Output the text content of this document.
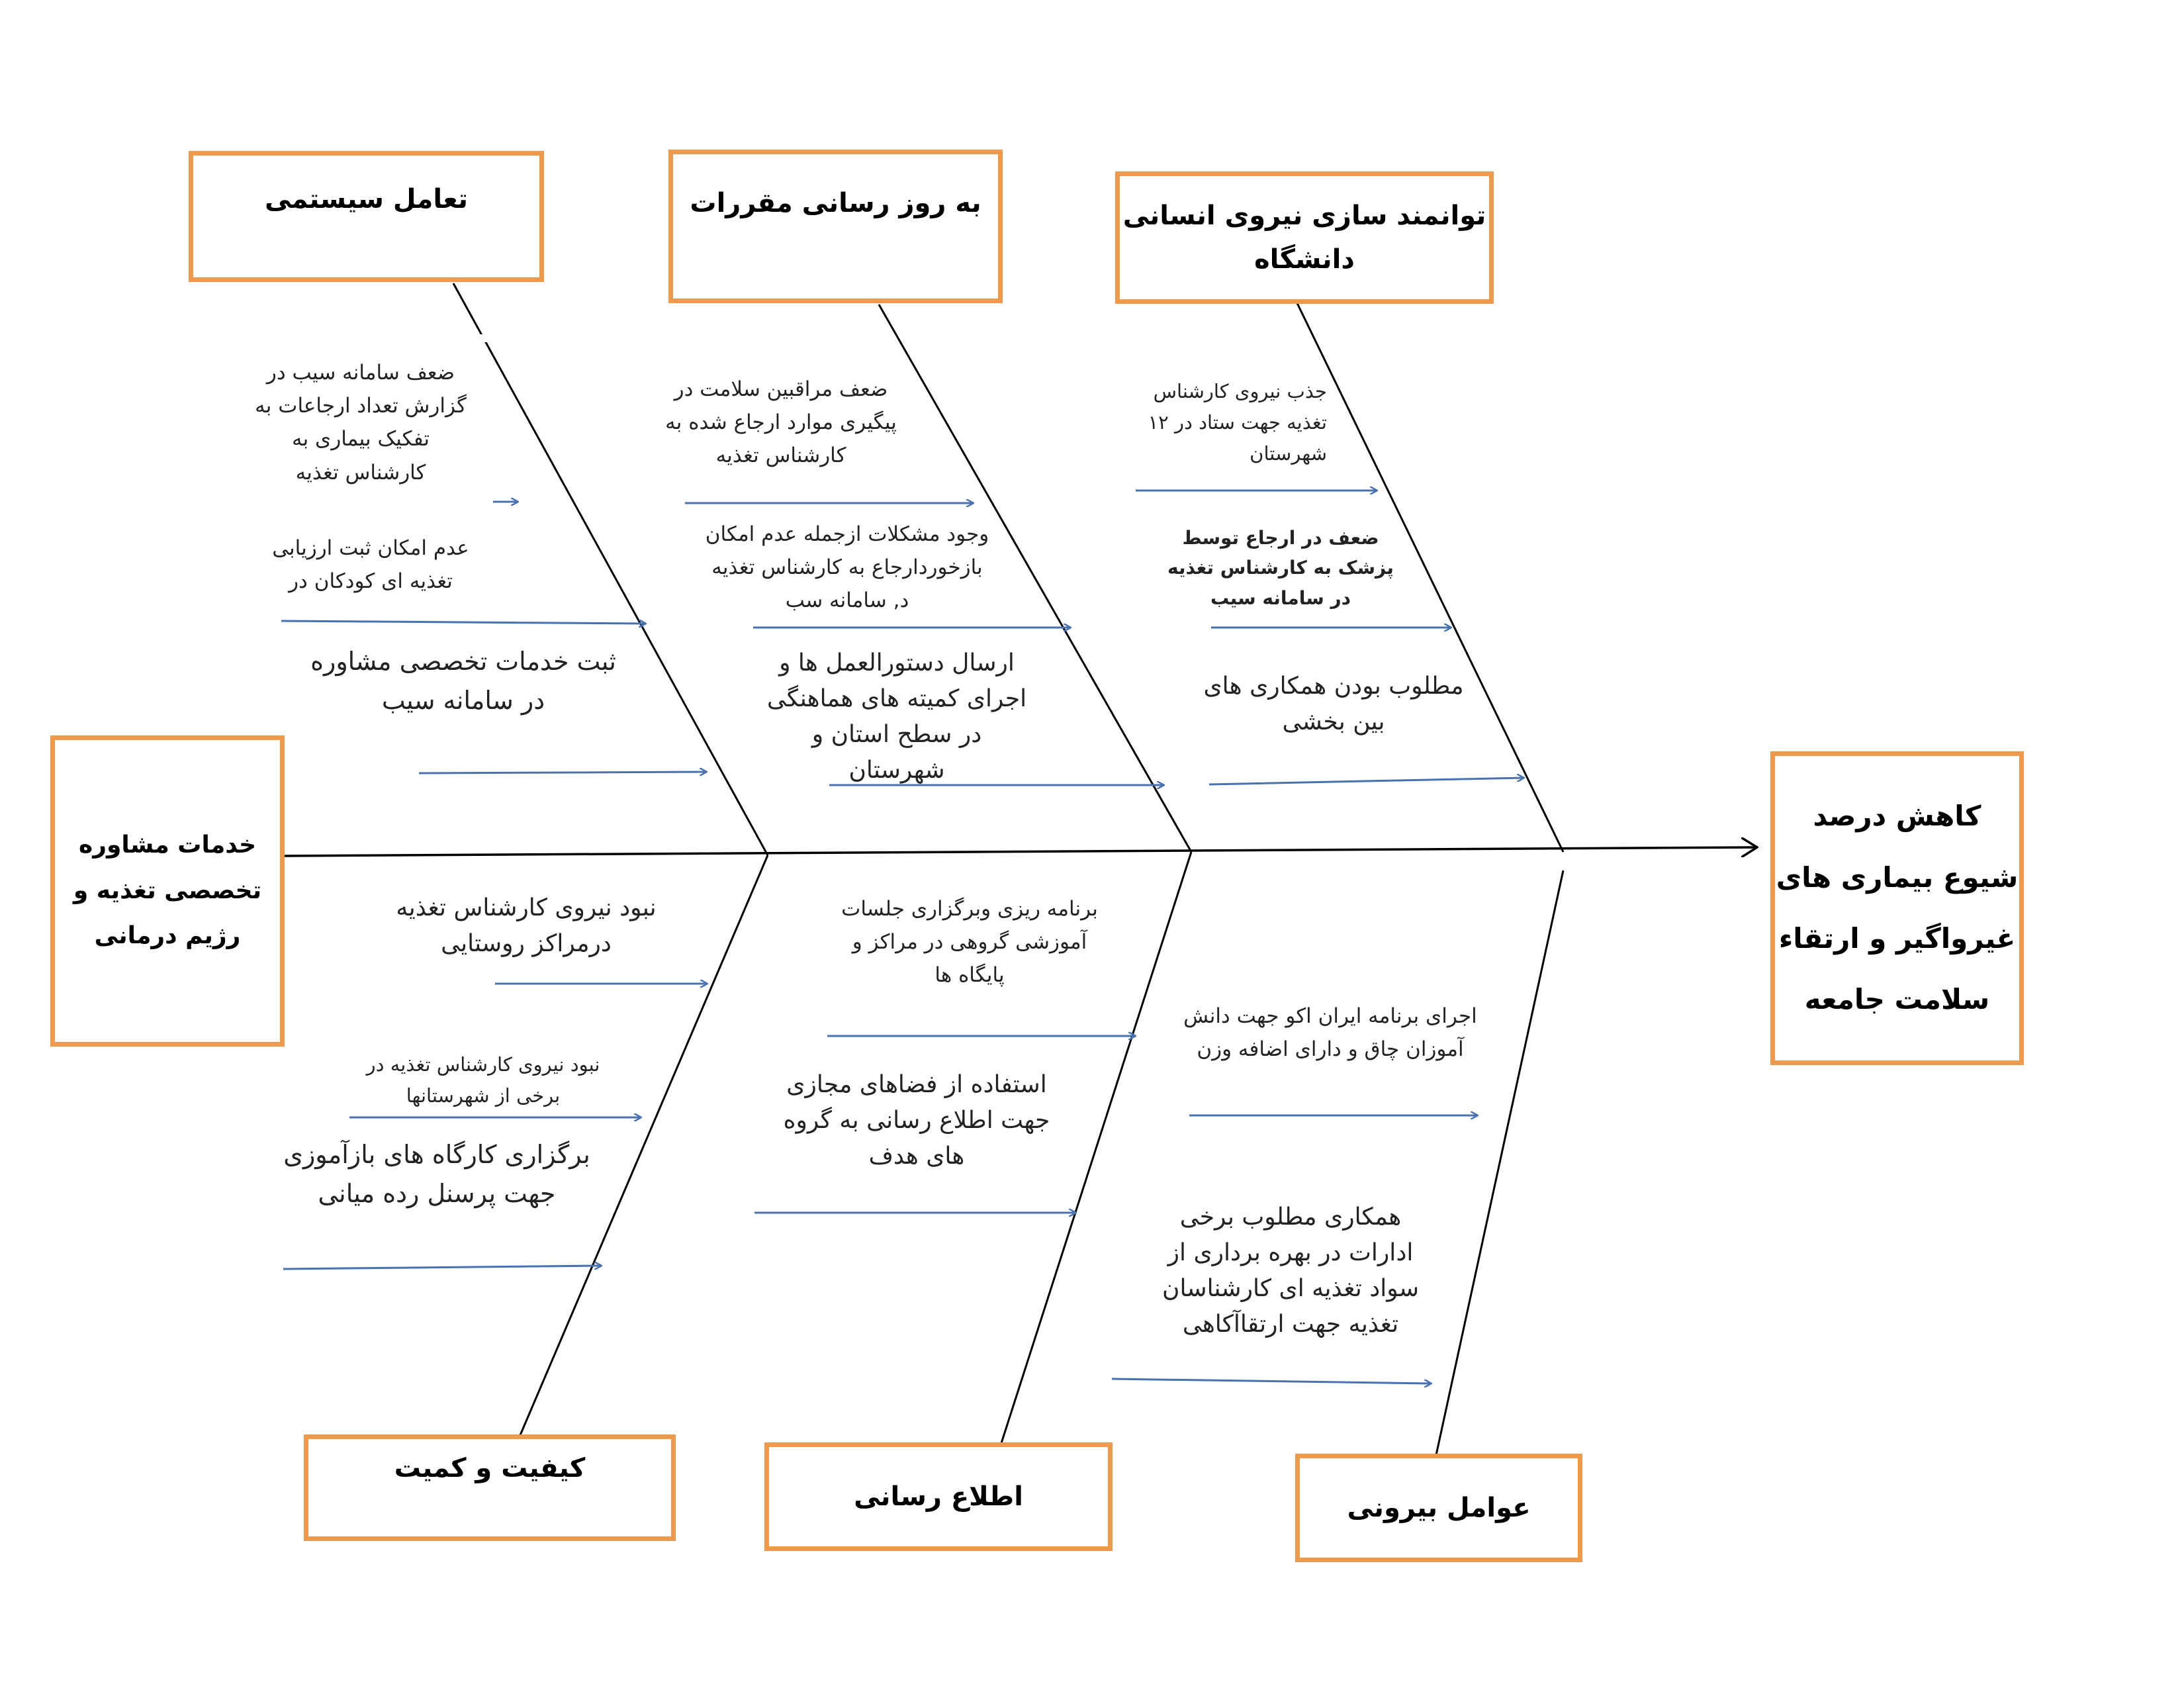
تعامل سیستمی	به روز رسانی مقررات	توانمند سازی نیروی انسانی
دانشگاه
کیفیت و کمیت
اطلاع رسانی	عوامل بیرونی
خدمات مشاوره
تخصصی تغذیه و
رژیم درمانی
کاهش درصد
شیوع بیماری های
غیرواگیر و ارتقاء
سلامت جامعه
ضعف سامانه سیب در
گزارش تعداد ارجاعات به
تفکیک بیماری به
کارشناس تغذیه
عدم امکان ثبت ارزیابی
تغذیه ای کودکان در
ثبت خدمات تخصصی مشاوره
در سامانه سیب
ضعف مراقبین سلامت در
پیگیری موارد ارجاع شده به
کارشناس تغذیه
وجود مشکلات ازجمله عدم امکان
بازخوردارجاع به کارشناس تغذیه
د, سامانه سب
ارسال دستورالعمل ها و
اجرای کمیته های هماهنگی
در سطح استان و شهرستان
جذب نیروی کارشناس
تغذیه جهت ستاد در ۱۲
شهرستان
ضعف در ارجاع توسط
پزشک به کارشناس تغذیه
در سامانه سیب
مطلوب بودن همکاری های
بین بخشی
نبود نیروی کارشناس تغذیه
درمراکز روستایی
نبود نیروی کارشناس تغذیه در
برخی از شهرستانها
برگزاری کارگاه های بازآموزی
جهت پرسنل رده میانی
برنامه ریزی وبرگزاری جلسات
آموزشی گروهی در مراکز و
پایگاه ها
استفاده از فضاهای مجازی
جهت اطلاع رسانی به گروه
های هدف
اجرای برنامه ایران اکو جهت دانش
آموزان چاق و دارای اضافه وزن
همکاری مطلوب برخی
ادارات در بهره برداری از
سواد تغذیه ای کارشناسان
تغذیه جهت ارتقاآکاهی
